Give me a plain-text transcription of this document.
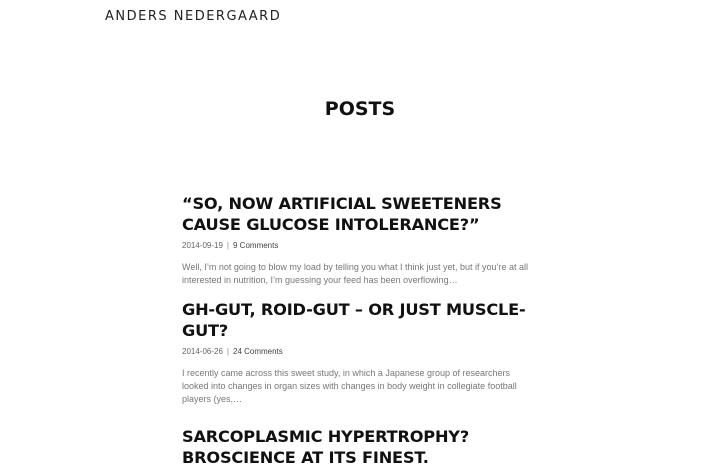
ANDERS NEDERGAARD
POSTS
“SO, NOW ARTIFICIAL SWEETENERS CAUSE GLUCOSE INTOLERANCE?”
2014-09-19 | 9 Comments

Well, I’m not going to blow my load by telling you what I think just yet, but if you’re at all interested in nutrition, I’m guessing your feed has been overflowing…

GH-GUT, ROID-GUT – OR JUST MUSCLE-GUT?
2014-06-26 | 24 Comments

I recently came across this sweet study, in which a Japanese group of researchers looked into changes in organ sizes with changes in body weight in collegiate football players (yes,…

SARCOPLASMIC HYPERTROPHY? BROSCIENCE AT ITS FINEST.
